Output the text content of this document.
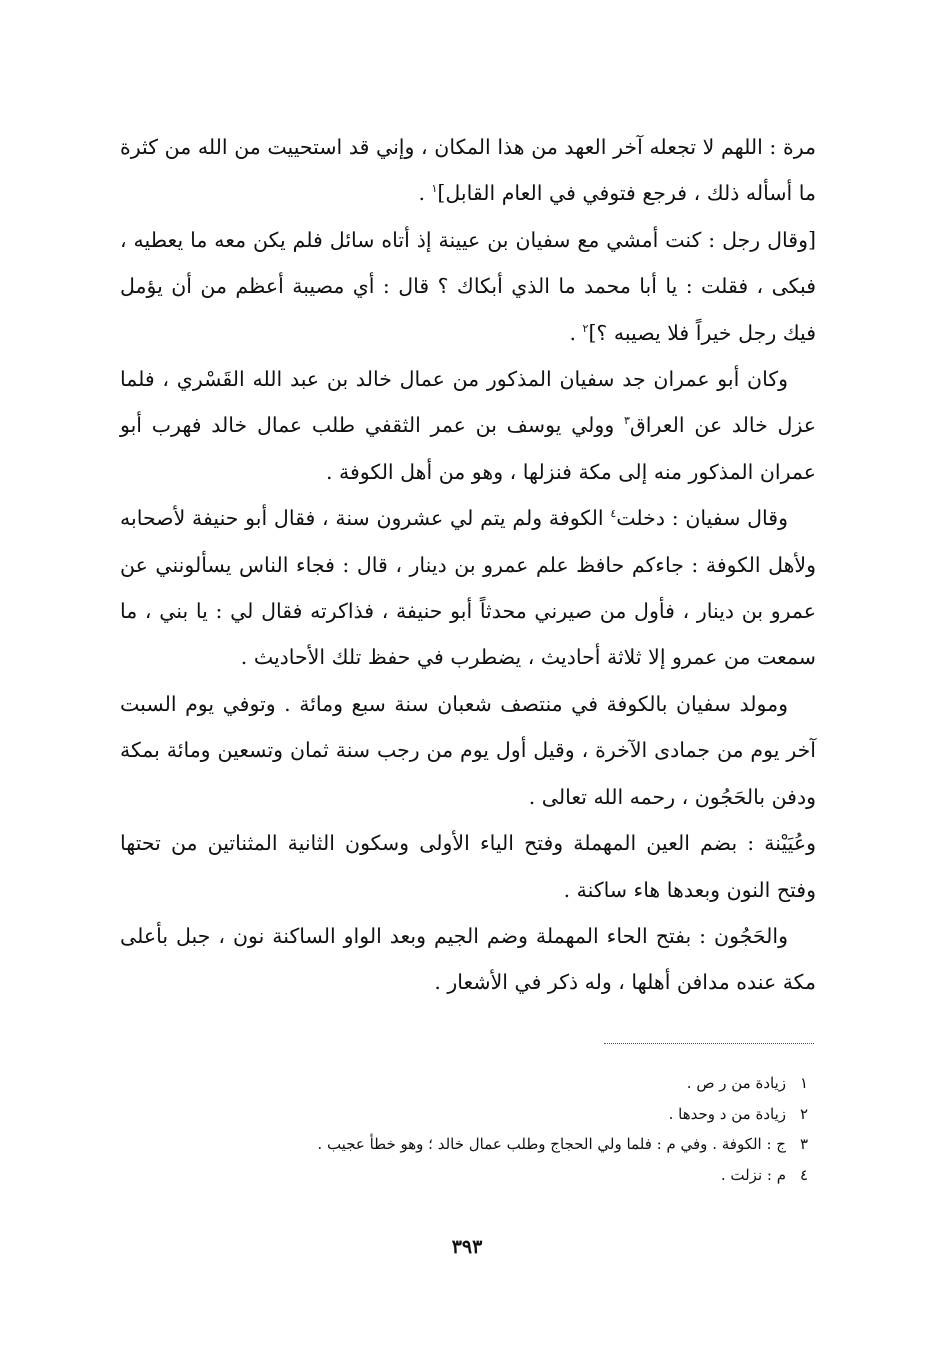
مرة : اللهم لا تجعله آخر العهد من هذا المكان ، وإني قد استحييت من الله من كثرة ما أسأله ذلك ، فرجع فتوفي في العام القابل]$^١$ .

[وقال رجل : كنت أمشي مع سفيان بن عيينة إذ أتاه سائل فلم يكن معه ما يعطيه ، فبكى ، فقلت : يا أبا محمد ما الذي أبكاك ؟ قال : أي مصيبة أعظم من أن يؤمل فيك رجل خيراً فلا يصيبه ؟]$^٢$ .

وكان أبو عمران جد سفيان المذكور من عمال خالد بن عبد الله القَسْري ، فلما عزل خالد عن العراق$^٣$ وولي يوسف بن عمر الثقفي طلب عمال خالد فهرب أبو عمران المذكور منه إلى مكة فنزلها ، وهو من أهل الكوفة .

وقال سفيان : دخلت$^٤$ الكوفة ولم يتم لي عشرون سنة ، فقال أبو حنيفة لأصحابه ولأهل الكوفة : جاءكم حافظ علم عمرو بن دينار ، قال : فجاء الناس يسألونني عن عمرو بن دينار ، فأول من صيرني محدثاً أبو حنيفة ، فذاكرته فقال لي : يا بني ، ما سمعت من عمرو إلا ثلاثة أحاديث ، يضطرب في حفظ تلك الأحاديث .

ومولد سفيان بالكوفة في منتصف شعبان سنة سبع ومائة . وتوفي يوم السبت آخر يوم من جمادى الآخرة ، وقيل أول يوم من رجب سنة ثمان وتسعين ومائة بمكة ودفن بالحَجُون ، رحمه الله تعالى .

وعُيَيْنة : بضم العين المهملة وفتح الياء الأولى وسكون الثانية المثناتين من تحتها وفتح النون وبعدها هاء ساكنة .

والحَجُون : بفتح الحاء المهملة وضم الجيم وبعد الواو الساكنة نون ، جبل بأعلى مكة عنده مدافن أهلها ، وله ذكر في الأشعار .

١
زيادة من ر ص .
٢
زيادة من د وحدها .
٣
ج : الكوفة . وفي م : فلما ولي الحجاج وطلب عمال خالد ؛ وهو خطأ عجيب .
٤
م : نزلت .
٣٩٣
